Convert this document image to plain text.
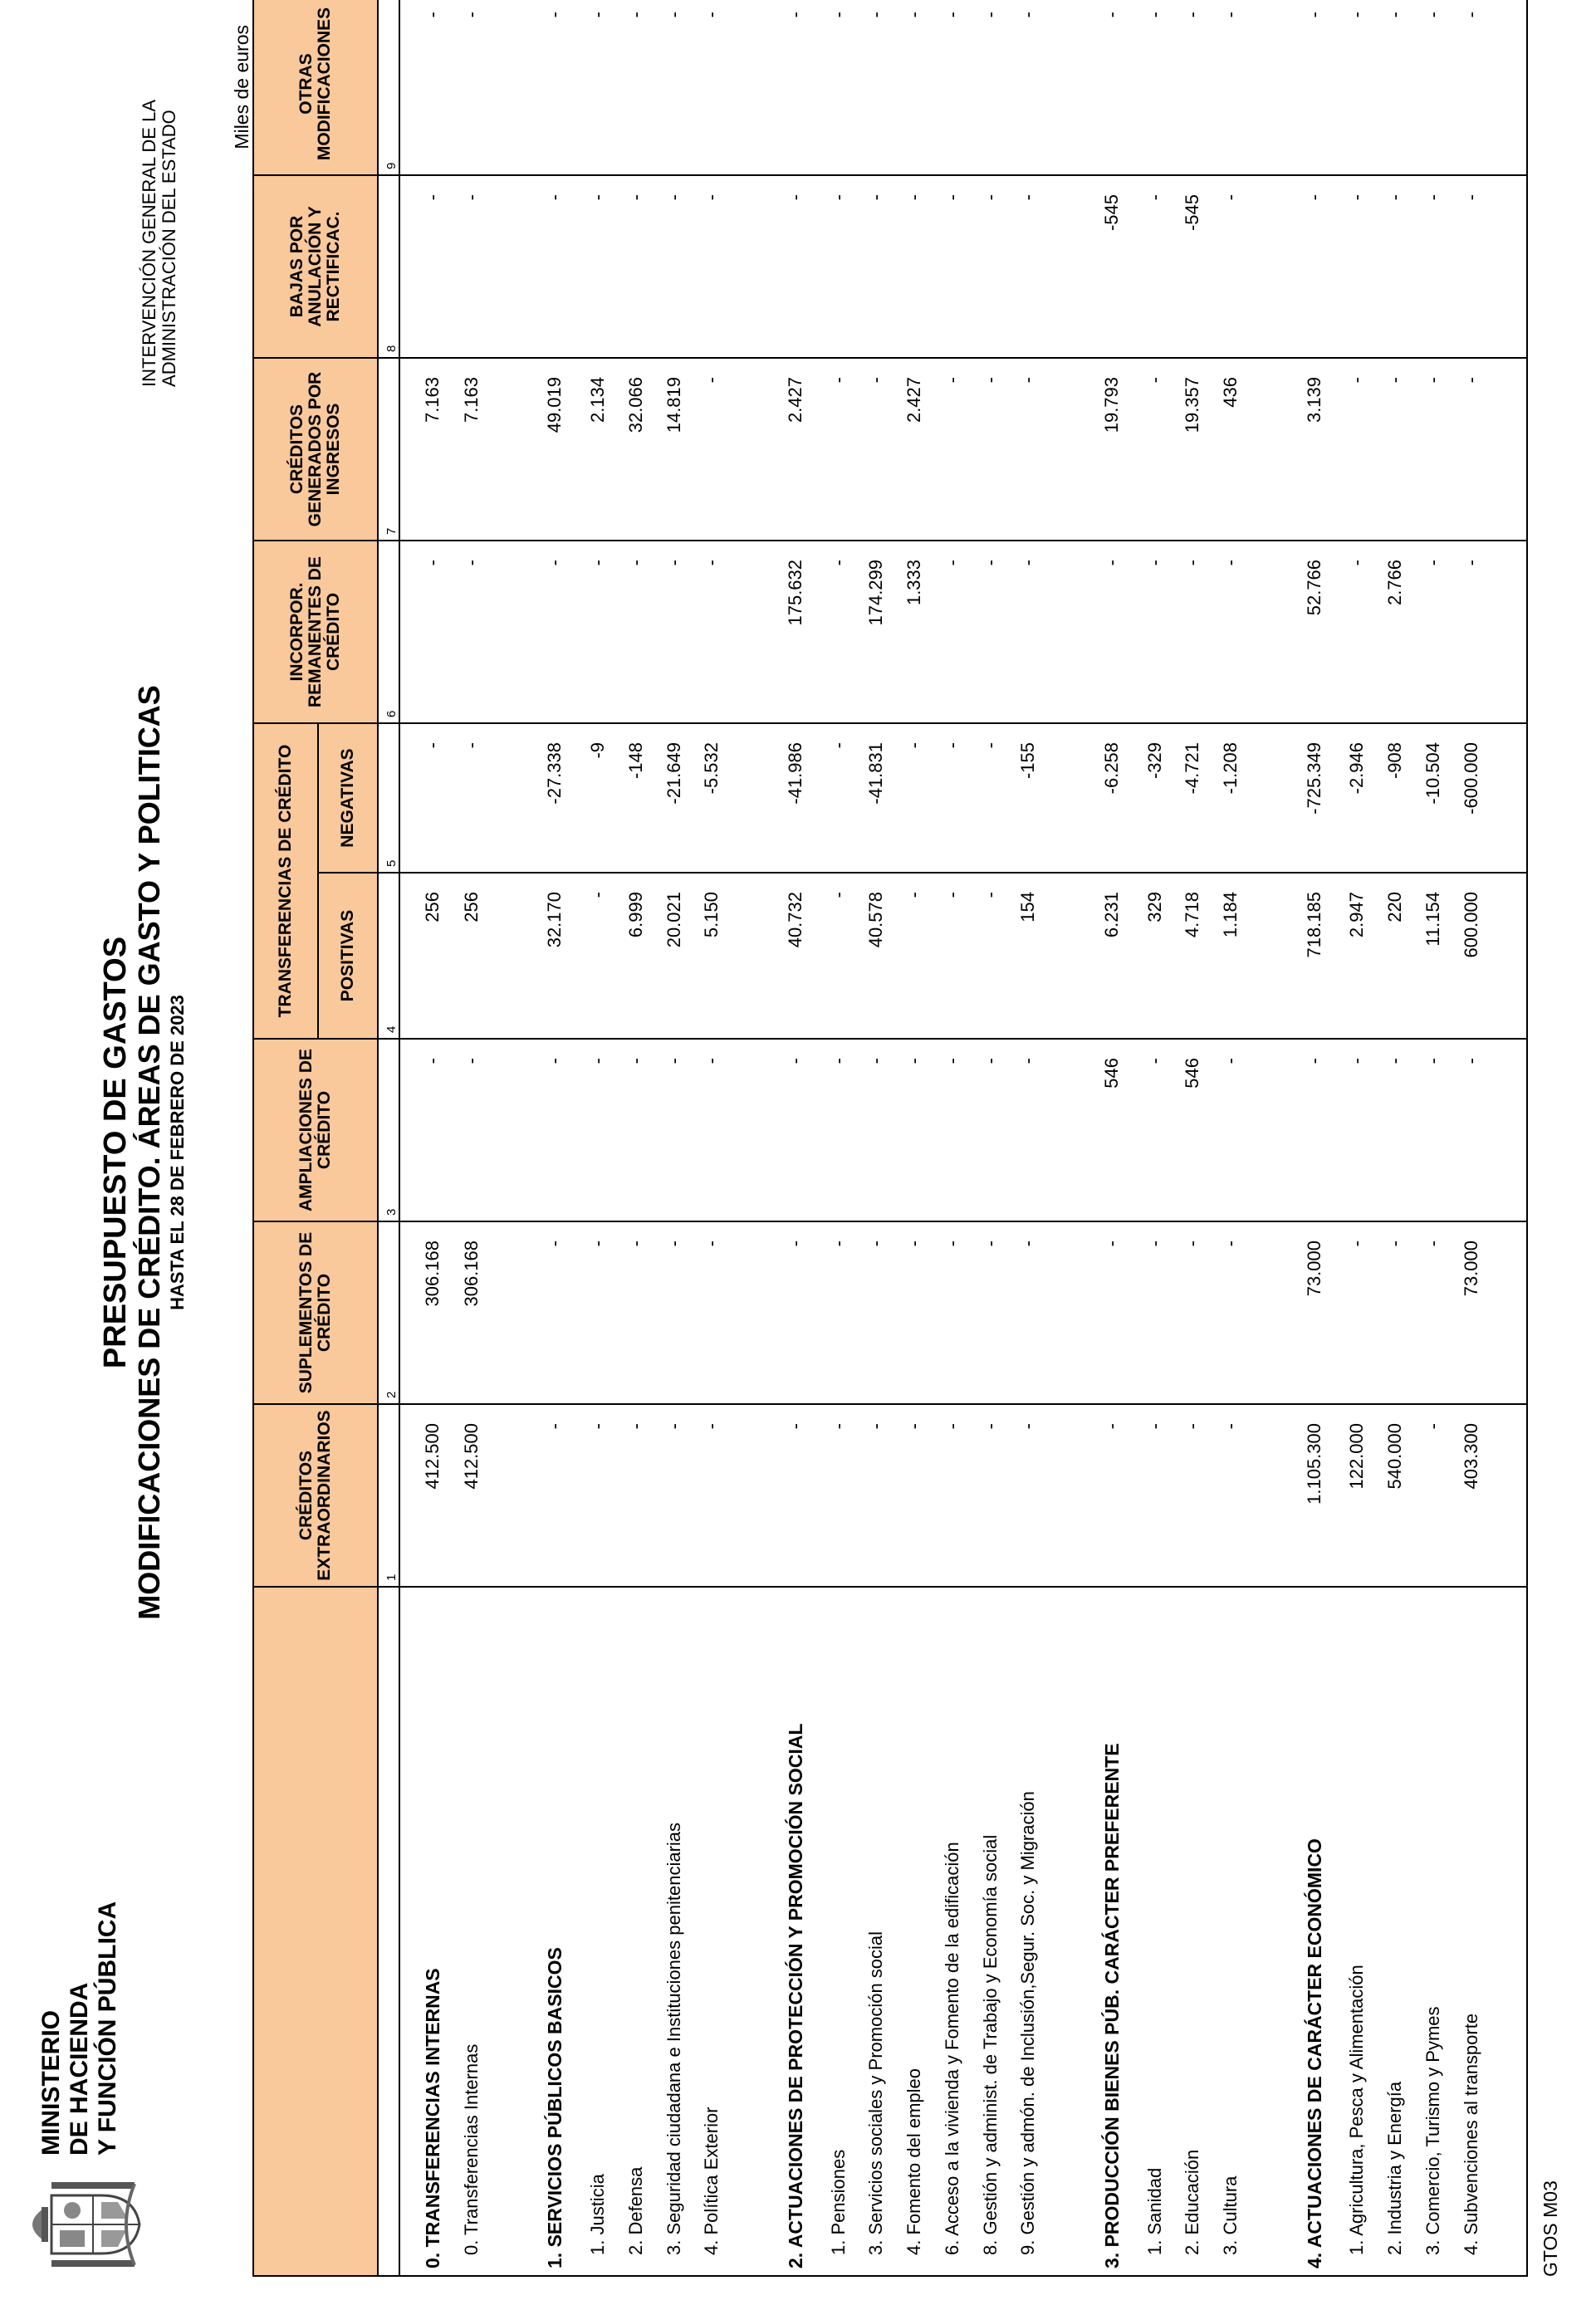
MINISTERIO DE HACIENDA Y FUNCIÓN PÚBLICA
PRESUPUESTO DE GASTOS MODIFICACIONES DE CRÉDITO. ÁREAS DE GASTO Y POLITICAS HASTA EL 28 DE FEBRERO DE 2023
INTERVENCIÓN GENERAL DE LA ADMINISTRACIÓN DEL ESTADO
Miles de euros
	CRÉDITOS EXTRAORDINARIOS	SUPLEMENTOS DE CRÉDITO	AMPLIACIONES DE CRÉDITO	TRANSFERENCIAS DE CRÉDITO		INCORPOR. REMANENTES DE CRÉDITO	CRÉDITOS GENERADOS POR INGRESOS	BAJAS POR ANULACIÓN Y RECTIFICAC.	OTRAS MODIFICACIONES	
				POSITIVAS	NEGATIVAS					
	1	2	3	4	5	6	7	8	9	
0. TRANSFERENCIAS INTERNAS	412.500	306.168	-	256	-	-	7.163	-	-	
0. Transferencias Internas	412.500	306.168	-	256	-	-	7.163	-	-	

1. SERVICIOS PÚBLICOS BASICOS	-	-	-	32.170	-27.338	-	49.019	-	-	
1. Justicia	-	-	-	-	-9	-	2.134	-	-	
2. Defensa	-	-	-	6.999	-148	-	32.066	-	-	
3. Seguridad ciudadana e Instituciones penitenciarias	-	-	-	20.021	-21.649	-	14.819	-	-	
4. Política Exterior	-	-	-	5.150	-5.532	-	-	-	-	

2. ACTUACIONES DE PROTECCIÓN Y PROMOCIÓN SOCIAL	-	-	-	40.732	-41.986	175.632	2.427	-	-	
1. Pensiones	-	-	-	-	-	-	-	-	-	
3. Servicios sociales y Promoción social	-	-	-	40.578	-41.831	174.299	-	-	-	
4. Fomento del empleo	-	-	-	-	-	1.333	2.427	-	-	
6. Acceso a la vivienda y Fomento de la edificación	-	-	-	-	-	-	-	-	-	
8. Gestión y administ. de Trabajo y Economía social	-	-	-	-	-	-	-	-	-	
9. Gestión y admón. de Inclusión,Segur. Soc. y Migración	-	-	-	154	-155	-	-	-	-	

3. PRODUCCIÓN BIENES PÚB. CARÁCTER PREFERENTE	-	-	546	6.231	-6.258	-	19.793	-545	-	
1. Sanidad	-	-	-	329	-329	-	-	-	-	
2. Educación	-	-	546	4.718	-4.721	-	19.357	-545	-	
3. Cultura	-	-	-	1.184	-1.208	-	436	-	-	

4. ACTUACIONES DE CARÁCTER ECONÓMICO	1.105.300	73.000	-	718.185	-725.349	52.766	3.139	-	-	
1. Agricultura, Pesca y Alimentación	122.000	-	-	2.947	-2.946	-	-	-	-	
2. Industria y Energía	540.000	-	-	220	-908	2.766	-	-	-	
3. Comercio, Turismo y Pymes	-	-	-	11.154	-10.504	-	-	-	-	
4. Subvenciones al transporte	403.300	73.000	-	600.000	-600.000	-	-	-	-	

GTOS M03
